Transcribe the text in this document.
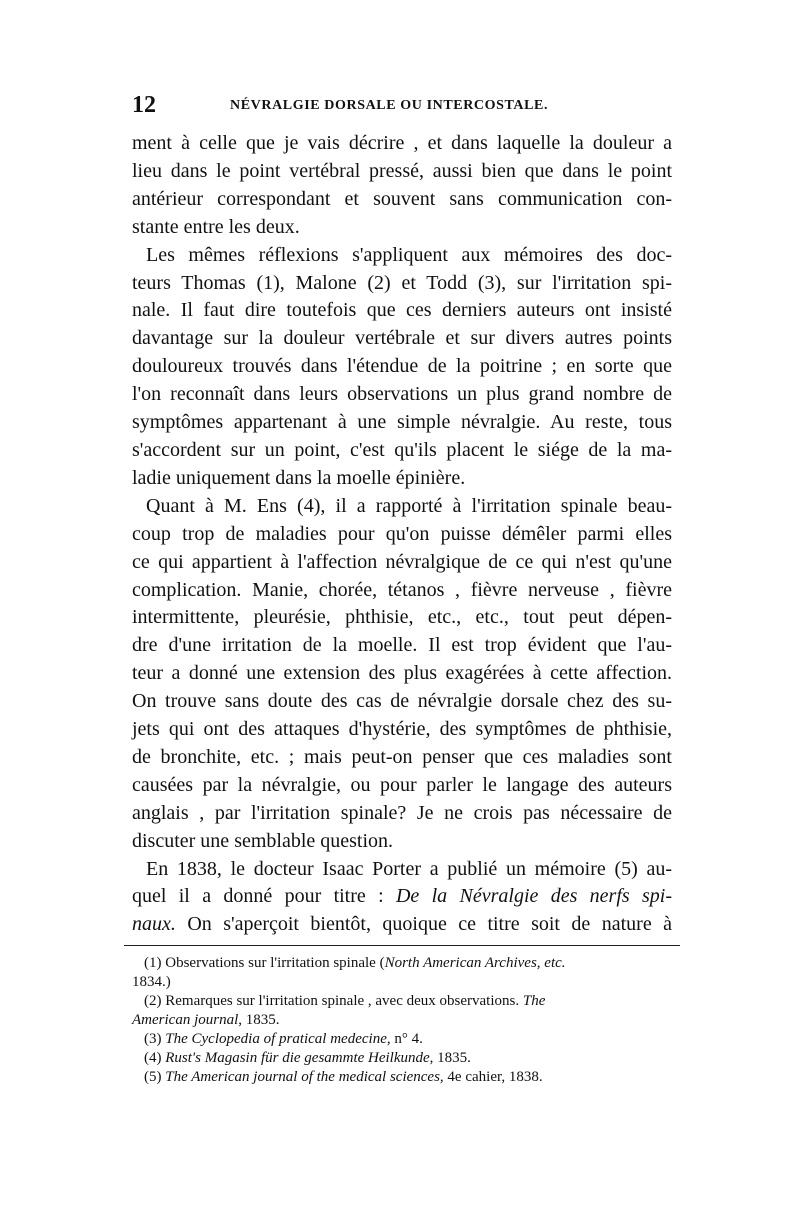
12	NÉVRALGIE DORSALE OU INTERCOSTALE.
ment à celle que je vais décrire , et dans laquelle la douleur a
lieu dans le point vertébral pressé, aussi bien que dans le point
antérieur correspondant et souvent sans communication con-
stante entre les deux.
Les mêmes réflexions s'appliquent aux mémoires des doc-
teurs Thomas (1), Malone (2) et Todd (3), sur l'irritation spi-
nale. Il faut dire toutefois que ces derniers auteurs ont insisté
davantage sur la douleur vertébrale et sur divers autres points
douloureux trouvés dans l'étendue de la poitrine ; en sorte que
l'on reconnaît dans leurs observations un plus grand nombre de
symptômes appartenant à une simple névralgie. Au reste, tous
s'accordent sur un point, c'est qu'ils placent le siége de la ma-
ladie uniquement dans la moelle épinière.
Quant à M. Ens (4), il a rapporté à l'irritation spinale beau-
coup trop de maladies pour qu'on puisse démêler parmi elles
ce qui appartient à l'affection névralgique de ce qui n'est qu'une
complication. Manie, chorée, tétanos , fièvre nerveuse , fièvre
intermittente, pleurésie, phthisie, etc., etc., tout peut dépen-
dre d'une irritation de la moelle. Il est trop évident que l'au-
teur a donné une extension des plus exagérées à cette affection.
On trouve sans doute des cas de névralgie dorsale chez des su-
jets qui ont des attaques d'hystérie, des symptômes de phthisie,
de bronchite, etc. ; mais peut-on penser que ces maladies sont
causées par la névralgie, ou pour parler le langage des auteurs
anglais , par l'irritation spinale? Je ne crois pas nécessaire de
discuter une semblable question.
En 1838, le docteur Isaac Porter a publié un mémoire (5) au-
quel il a donné pour titre : De la Névralgie des nerfs spi-
naux. On s'aperçoit bientôt, quoique ce titre soit de nature à
(1) Observations sur l'irritation spinale (North American Archives, etc.
1834.)
(2) Remarques sur l'irritation spinale , avec deux observations. The
American journal, 1835.
(3) The Cyclopedia of pratical medecine, n° 4.
(4) Rust's Magasin für die gesammte Heilkunde, 1835.
(5) The American journal of the medical sciences, 4e cahier, 1838.
